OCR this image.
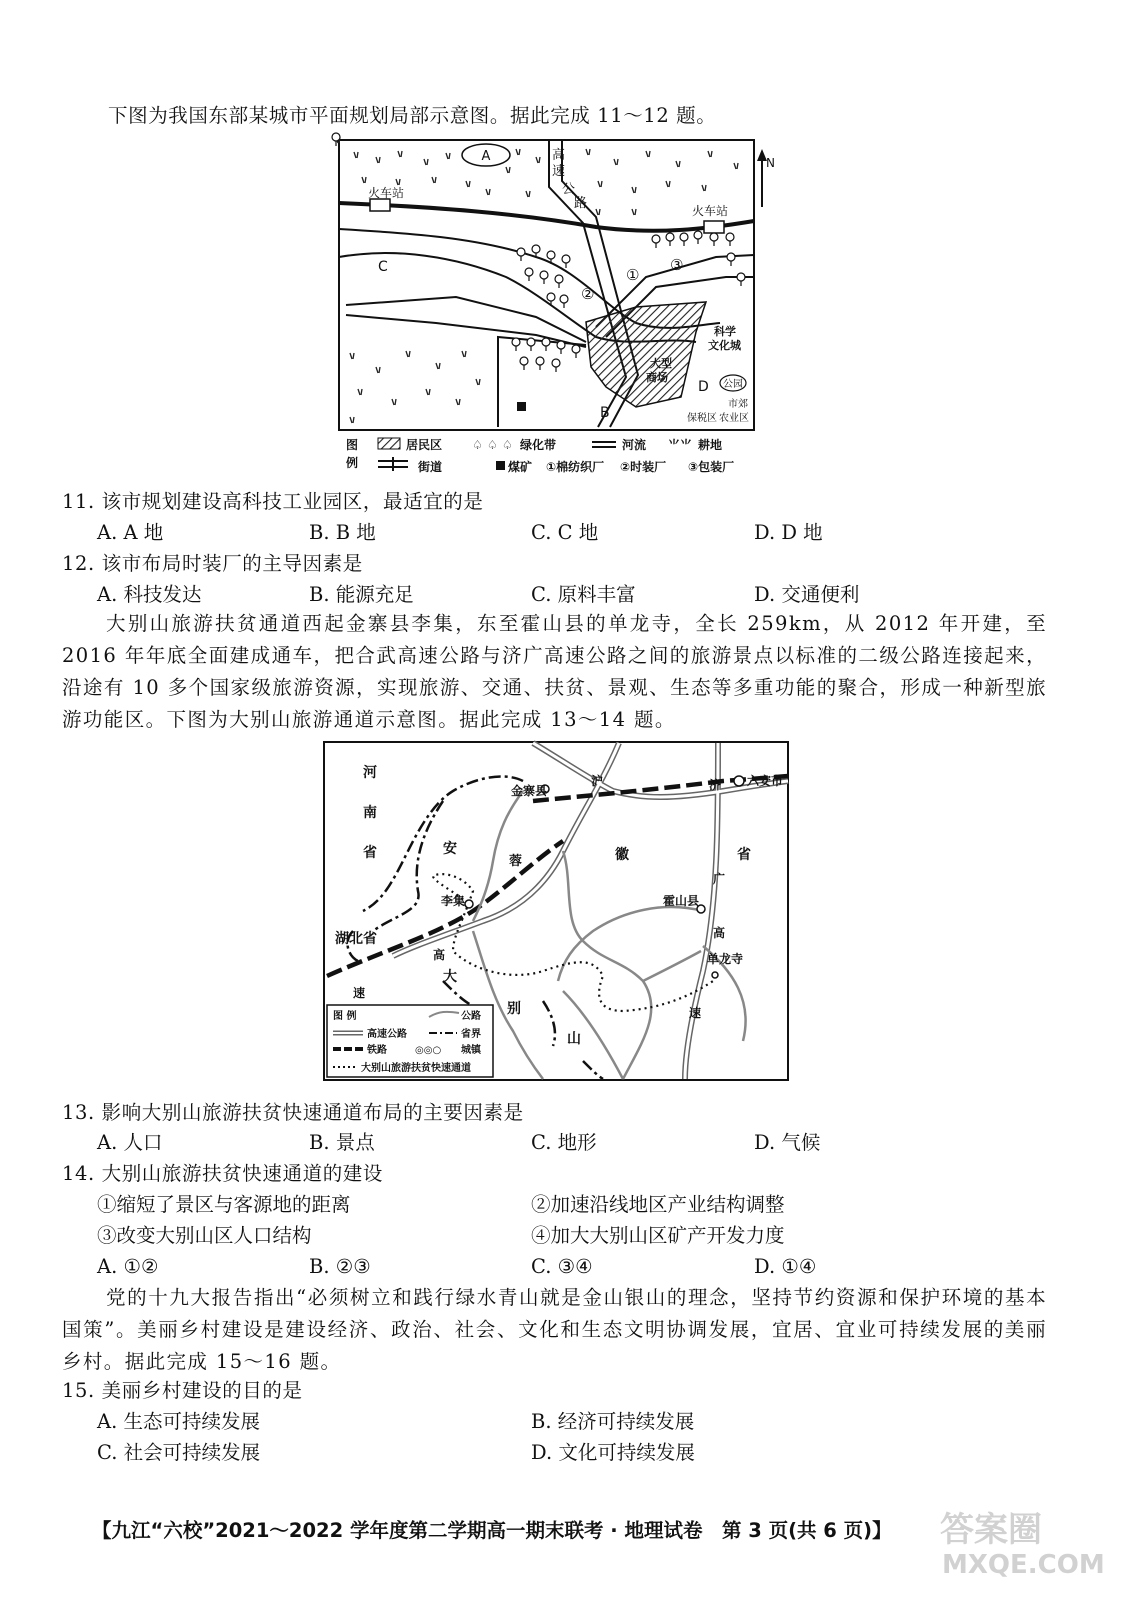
下图为我国东部某城市平面规划局部示意图。据此完成 11～12 题。
A
火车站
火车站
高
速
公
路
C
B
D
①
②
③
科学
文化城
大型
商场
公园
市郊
农业区
保税区
N
图
例
居民区 ♤ ♤ ♤ 绿化带	河流 ⺌⺌ 耕地
街道	煤矿 ①棉纺织厂 ②时装厂 ③包装厂
11. 该市规划建设高科技工业园区，最适宜的是
A. A 地	B. B 地	C. C 地	D. D 地
12. 该市布局时装厂的主导因素是
A. 科技发达	B. 能源充足	C. 原料丰富	D. 交通便利
大别山旅游扶贫通道西起金寨县李集，东至霍山县的单龙寺，全长 259km，从 2012 年开建，至 2016 年年底全面建成通车，把合武高速公路与济广高速公路之间的旅游景点以标准的二级公路连接起来，沿途有 10 多个国家级旅游资源，实现旅游、交通、扶贫、景观、生态等多重功能的聚合，形成一种新型旅游功能区。下图为大别山旅游通道示意图。据此完成 13～14 题。
河
南
省
金寨县
沪	济 六安市
安
蓉	徽	省
广
高
速
李集	霍山县
单龙寺
湖北省
高
速
大
别
山
图 例	公路
高速公路	省界
铁路	◎◎○ 城镇
大别山旅游扶贫快速通道
13. 影响大别山旅游扶贫快速通道布局的主要因素是
A. 人口	B. 景点	C. 地形	D. 气候
14. 大别山旅游扶贫快速通道的建设
①缩短了景区与客源地的距离	②加速沿线地区产业结构调整
③改变大别山区人口结构	④加大大别山区矿产开发力度
A. ①②	B. ②③	C. ③④	D. ①④
党的十九大报告指出“必须树立和践行绿水青山就是金山银山的理念，坚持节约资源和保护环境的基本国策”。美丽乡村建设是建设经济、政治、社会、文化和生态文明协调发展，宜居、宜业可持续发展的美丽乡村。据此完成 15～16 题。
15. 美丽乡村建设的目的是
A. 生态可持续发展	B. 经济可持续发展
C. 社会可持续发展	D. 文化可持续发展
【九江“六校”2021～2022 学年度第二学期高一期末联考 · 地理试卷　第 3 页(共 6 页)】 答案圈
MXQE.COM
